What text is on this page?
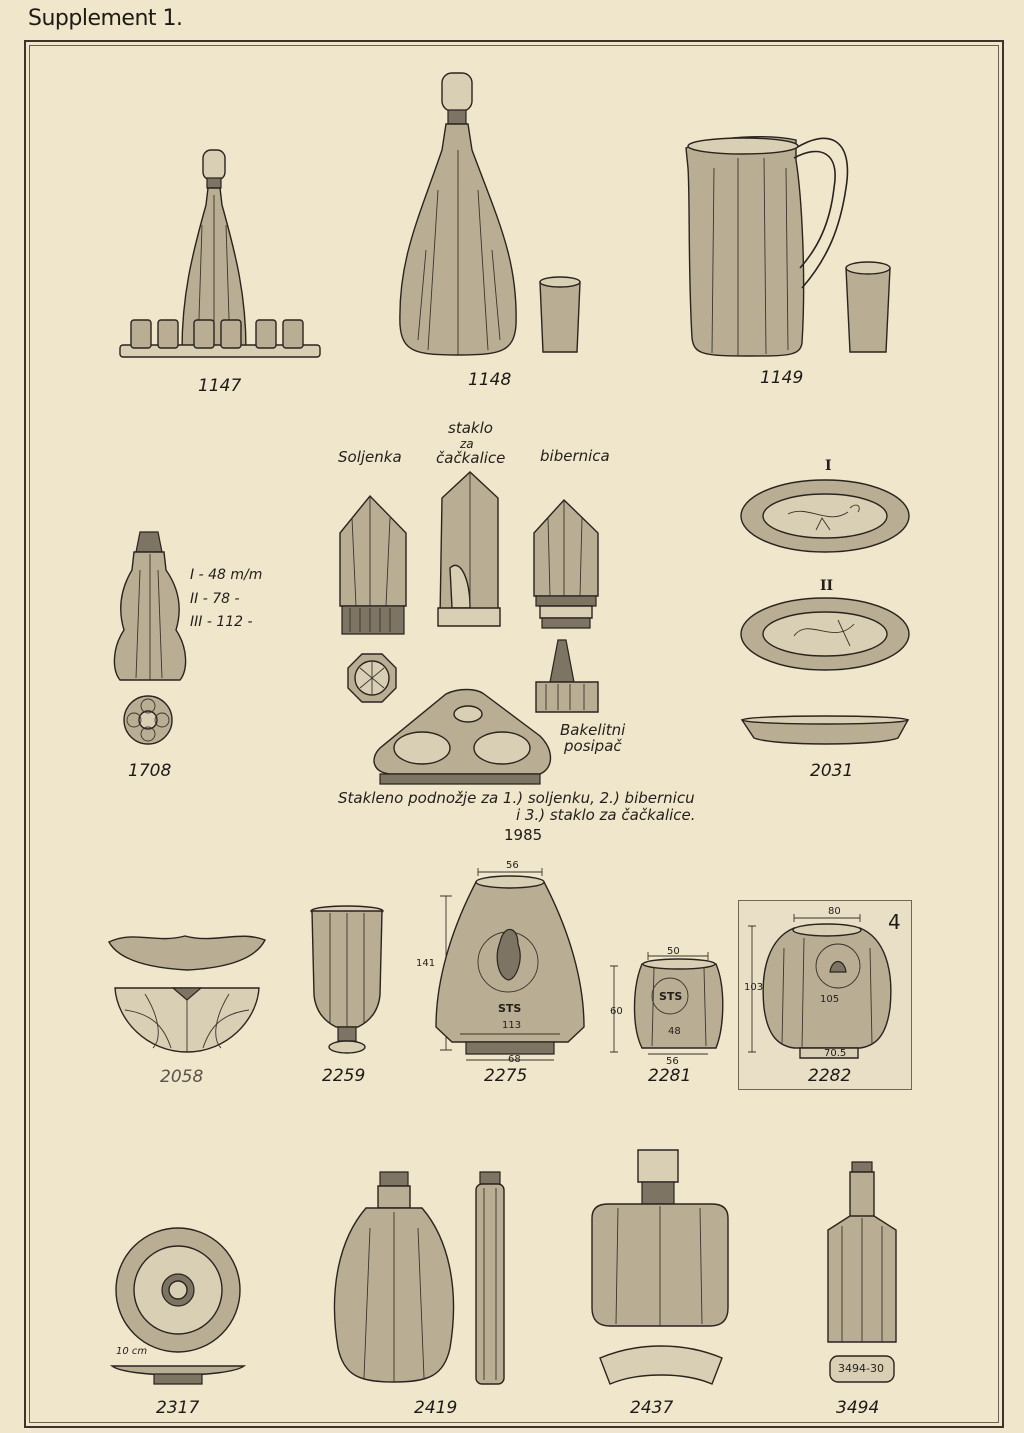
Supplement 1.
1147	1148	1149
I - 48 m/m
II - 78 -
III - 112 -
1708
Soljenka
staklo
za
čačkalice bibernica
Bakelitni
posipač
Stakleno podnožje za 1.) soljenku, 2.) bibernicu
i 3.) staklo za čačkalice.
1985
I
II
2031
2058	2259
56
141
STS
113
68
2275
50
60
STS
48
56
2281
80 4
103
105
70.5
2282
10 cm
2317	2419	2437
3494-30
3494
